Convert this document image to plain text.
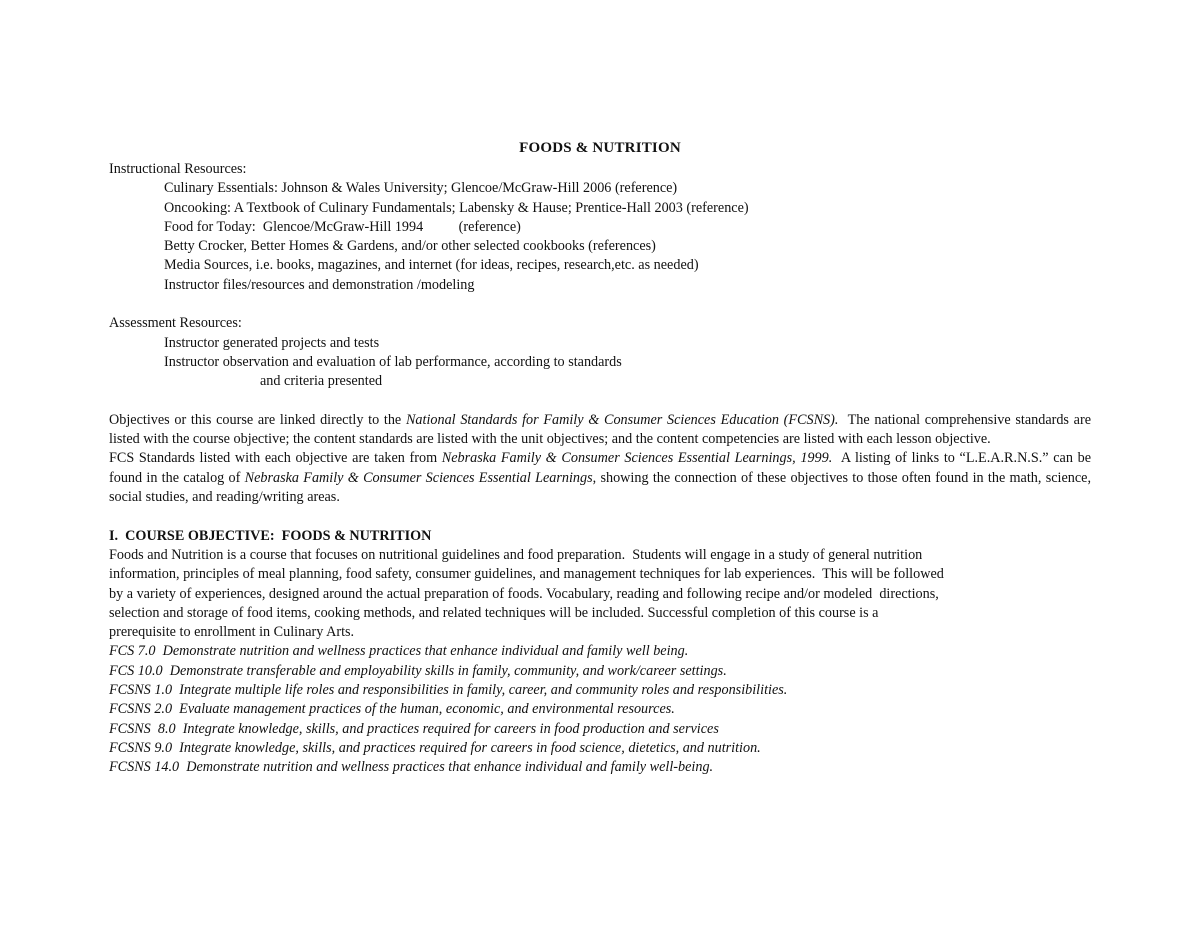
FOODS & NUTRITION
Instructional Resources:
Culinary Essentials: Johnson & Wales University; Glencoe/McGraw-Hill 2006 (reference)
Oncooking: A Textbook of Culinary Fundamentals; Labensky & Hause; Prentice-Hall 2003 (reference)
Food for Today:  Glencoe/McGraw-Hill 1994          (reference)
Betty Crocker, Better Homes & Gardens, and/or other selected cookbooks (references)
Media Sources, i.e. books, magazines, and internet (for ideas, recipes, research,etc. as needed)
Instructor files/resources and demonstration /modeling
Assessment Resources:
Instructor generated projects and tests
Instructor observation and evaluation of lab performance, according to standards
and criteria presented
Objectives or this course are linked directly to the National Standards for Family & Consumer Sciences Education (FCSNS).  The national comprehensive standards are listed with the course objective; the content standards are listed with the unit objectives; and the content competencies are listed with each lesson objective.
FCS Standards listed with each objective are taken from Nebraska Family & Consumer Sciences Essential Learnings, 1999.  A listing of links to “L.E.A.R.N.S.” can be found in the catalog of Nebraska Family & Consumer Sciences Essential Learnings, showing the connection of these objectives to those often found in the math, science, social studies, and reading/writing areas.
I.  COURSE OBJECTIVE:  FOODS & NUTRITION
Foods and Nutrition is a course that focuses on nutritional guidelines and food preparation.  Students will engage in a study of general nutrition
information, principles of meal planning, food safety, consumer guidelines, and management techniques for lab experiences.  This will be followed
by a variety of experiences, designed around the actual preparation of foods. Vocabulary, reading and following recipe and/or modeled  directions,
selection and storage of food items, cooking methods, and related techniques will be included. Successful completion of this course is a
prerequisite to enrollment in Culinary Arts.
FCS 7.0  Demonstrate nutrition and wellness practices that enhance individual and family well being.
FCS 10.0  Demonstrate transferable and employability skills in family, community, and work/career settings.
FCSNS 1.0  Integrate multiple life roles and responsibilities in family, career, and community roles and responsibilities.
FCSNS 2.0  Evaluate management practices of the human, economic, and environmental resources.
FCSNS  8.0  Integrate knowledge, skills, and practices required for careers in food production and services
FCSNS 9.0  Integrate knowledge, skills, and practices required for careers in food science, dietetics, and nutrition.
FCSNS 14.0  Demonstrate nutrition and wellness practices that enhance individual and family well-being.
